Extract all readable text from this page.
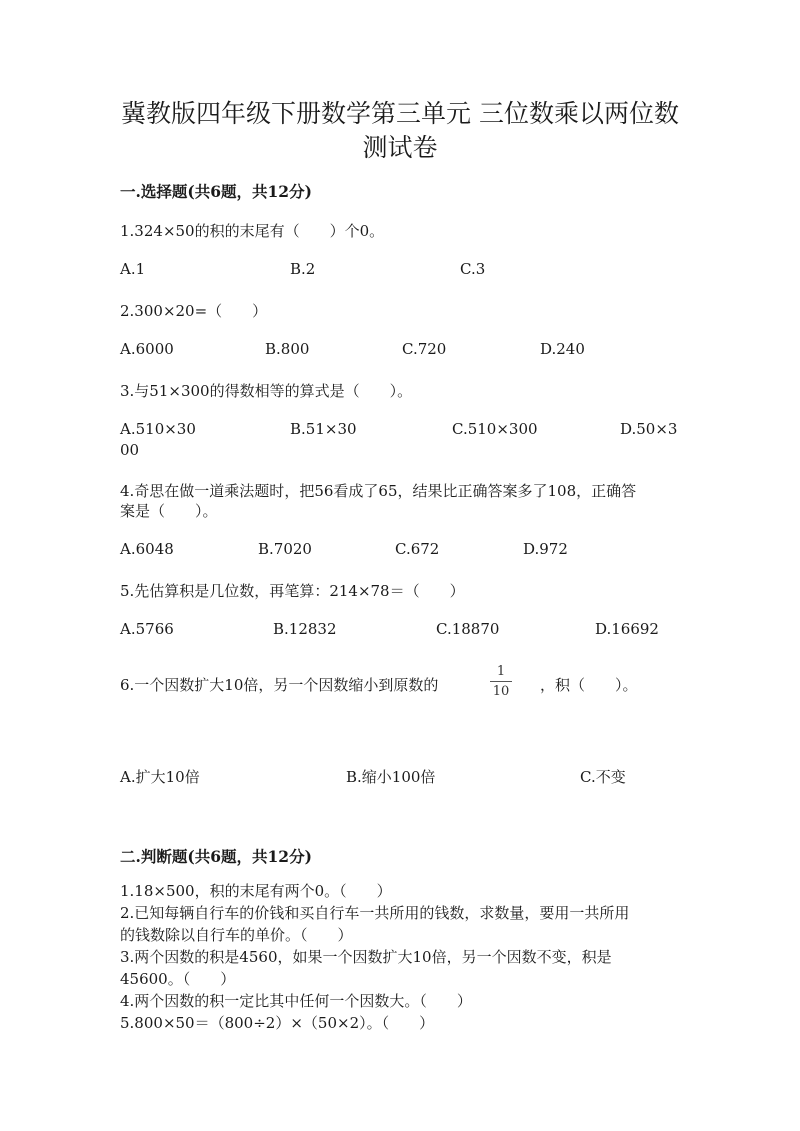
冀教版四年级下册数学第三单元 三位数乘以两位数
测试卷
一.选择题(共6题，共12分)
1.324×50的积的末尾有（　　）个0。
A.1	B.2	C.3
2.300×20=（　　）
A.6000	B.800	C.720	D.240
3.与51×300的得数相等的算式是（　　）。
A.510×30	B.51×30	C.510×300	D.50×3
00
4.奇思在做一道乘法题时，把56看成了65，结果比正确答案多了108，正确答
案是（　　）。
A.6048	B.7020	C.672	D.972
5.先估算积是几位数，再笔算：214×78＝（　　）
A.5766	B.12832	C.18870	D.16692
6.一个因数扩大10倍，另一个因数缩小到原数的
1
10 ，积（　　）。
A.扩大10倍	B.缩小100倍	C.不变
二.判断题(共6题，共12分)
1.18×500，积的末尾有两个0。（　　）
2.已知每辆自行车的价钱和买自行车一共所用的钱数，求数量，要用一共所用
的钱数除以自行车的单价。（　　）
3.两个因数的积是4560，如果一个因数扩大10倍，另一个因数不变，积是
45600。（　　）
4.两个因数的积一定比其中任何一个因数大。（　　）
5.800×50＝（800÷2）×（50×2）。（　　）
